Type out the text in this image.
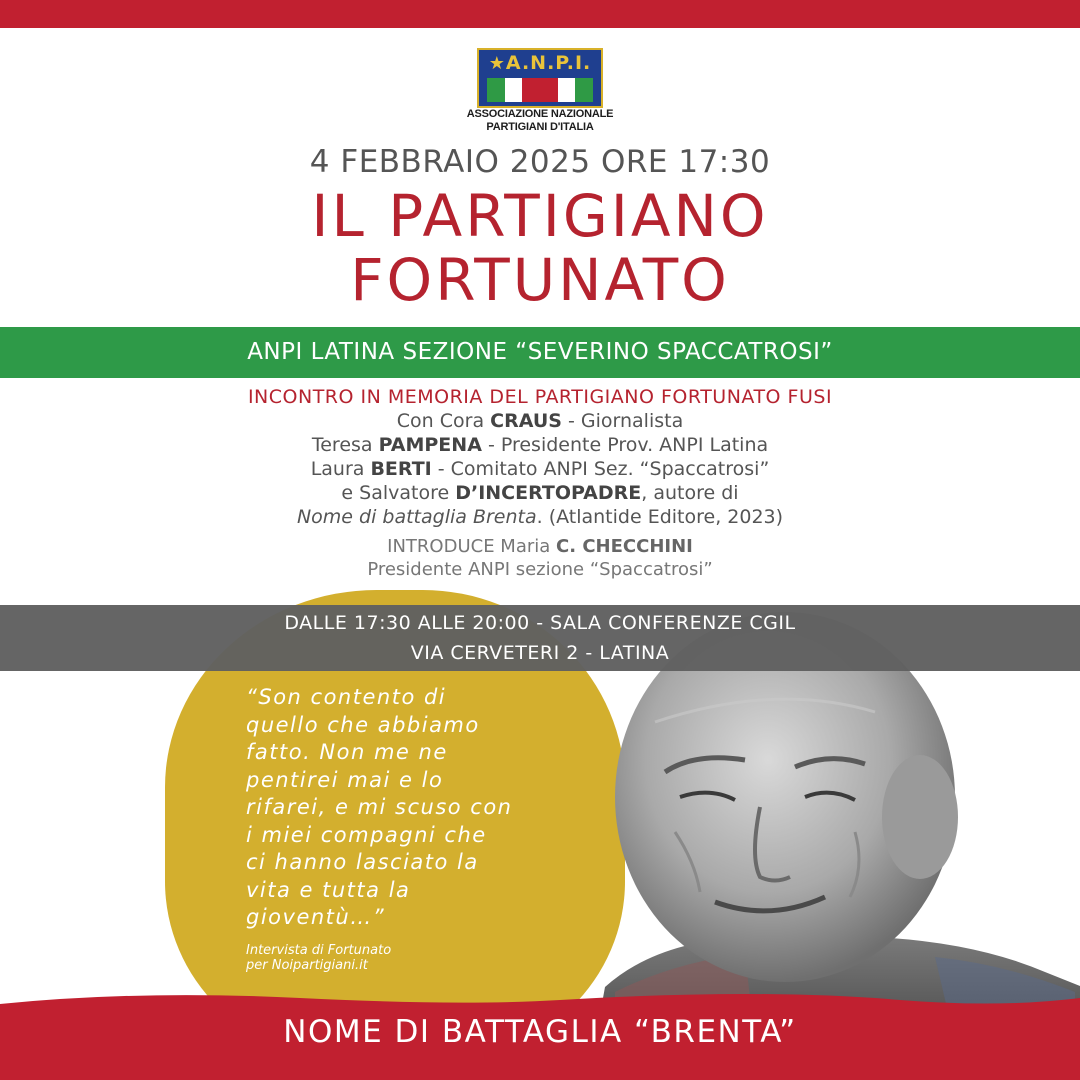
★A.N.P.I.
ASSOCIAZIONE NAZIONALE
PARTIGIANI D'ITALIA
4 FEBBRAIO 2025 ORE 17:30
IL PARTIGIANO
FORTUNATO
ANPI LATINA SEZIONE “SEVERINO SPACCATROSI”
INCONTRO IN MEMORIA DEL PARTIGIANO FORTUNATO FUSI
Con Cora CRAUS - Giornalista
Teresa PAMPENA - Presidente Prov. ANPI Latina
Laura BERTI - Comitato ANPI Sez. “Spaccatrosi”
e Salvatore D’INCERTOPADRE, autore di
Nome di battaglia Brenta. (Atlantide Editore, 2023)
INTRODUCE Maria C. CHECCHINI
Presidente ANPI sezione “Spaccatrosi”
DALLE 17:30 ALLE 20:00 - SALA CONFERENZE CGIL
VIA CERVETERI 2 - LATINA
“Son contento di
quello che abbiamo
fatto. Non me ne
pentirei mai e lo
rifarei, e mi scuso con
i miei compagni che
ci hanno lasciato la
vita e tutta la
gioventù…”
Intervista di Fortunato
per Noipartigiani.it
NOME DI BATTAGLIA “BRENTA”
